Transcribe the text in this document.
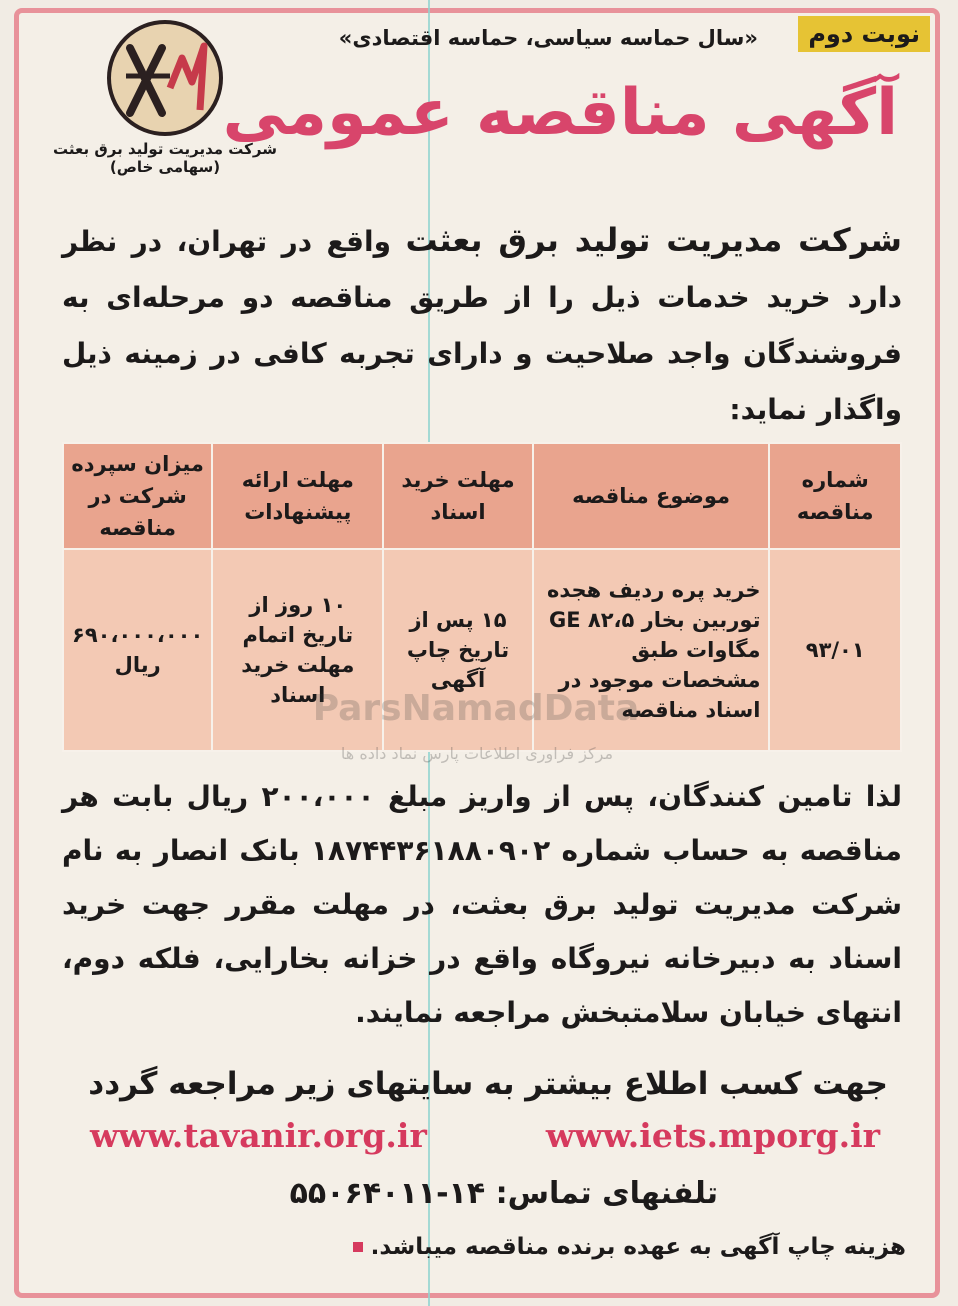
نوبت دوم
«سال حماسه سیاسی، حماسه اقتصادی»
آگهی مناقصه عمومی
شرکت مدیریت تولید برق بعثت
(سهامی خاص)
شرکت مدیریت تولید برق بعثت واقع در تهران، در نظر دارد خرید خدمات ذیل را از طریق مناقصه دو مرحله‌ای به فروشندگان واجد صلاحیت و دارای تجربه کافی در زمینه ذیل واگذار نماید:
شماره مناقصه	موضوع مناقصه	مهلت خرید اسناد	مهلت ارائه پیشنهادات	میزان سپرده شرکت در مناقصه
۹۳/۰۱	خرید پره ردیف هجده توربین بخار GE ۸۲،۵ مگاوات طبق مشخصات موجود در اسناد مناقصه	۱۵ پس از تاریخ چاپ آگهی	۱۰ روز از تاریخ اتمام مهلت خرید اسناد	۶۹۰،۰۰۰،۰۰۰ ریال
ParsNamadData
مرکز فراوری اطلاعات پارس نماد داده ها
لذا تامین کنندگان، پس از واریز مبلغ ۲۰۰،۰۰۰ ریال بابت هر مناقصه به حساب شماره ۱۸۷۴۴۳۶۱۸۸۰۹۰۲ بانک انصار به نام شرکت مدیریت تولید برق بعثت، در مهلت مقرر جهت خرید اسناد به دبیرخانه نیروگاه واقع در خزانه بخارایی، فلکه دوم، انتهای خیابان سلامتبخش مراجعه نمایند.
جهت کسب اطلاع بیشتر به سایتهای زیر مراجعه گردد
www.tavanir.org.ir	www.iets.mporg.ir
تلفنهای تماس: ۱۴-۵۵۰۶۴۰۱۱
هزینه چاپ آگهی به عهده برنده مناقصه میباشد.
